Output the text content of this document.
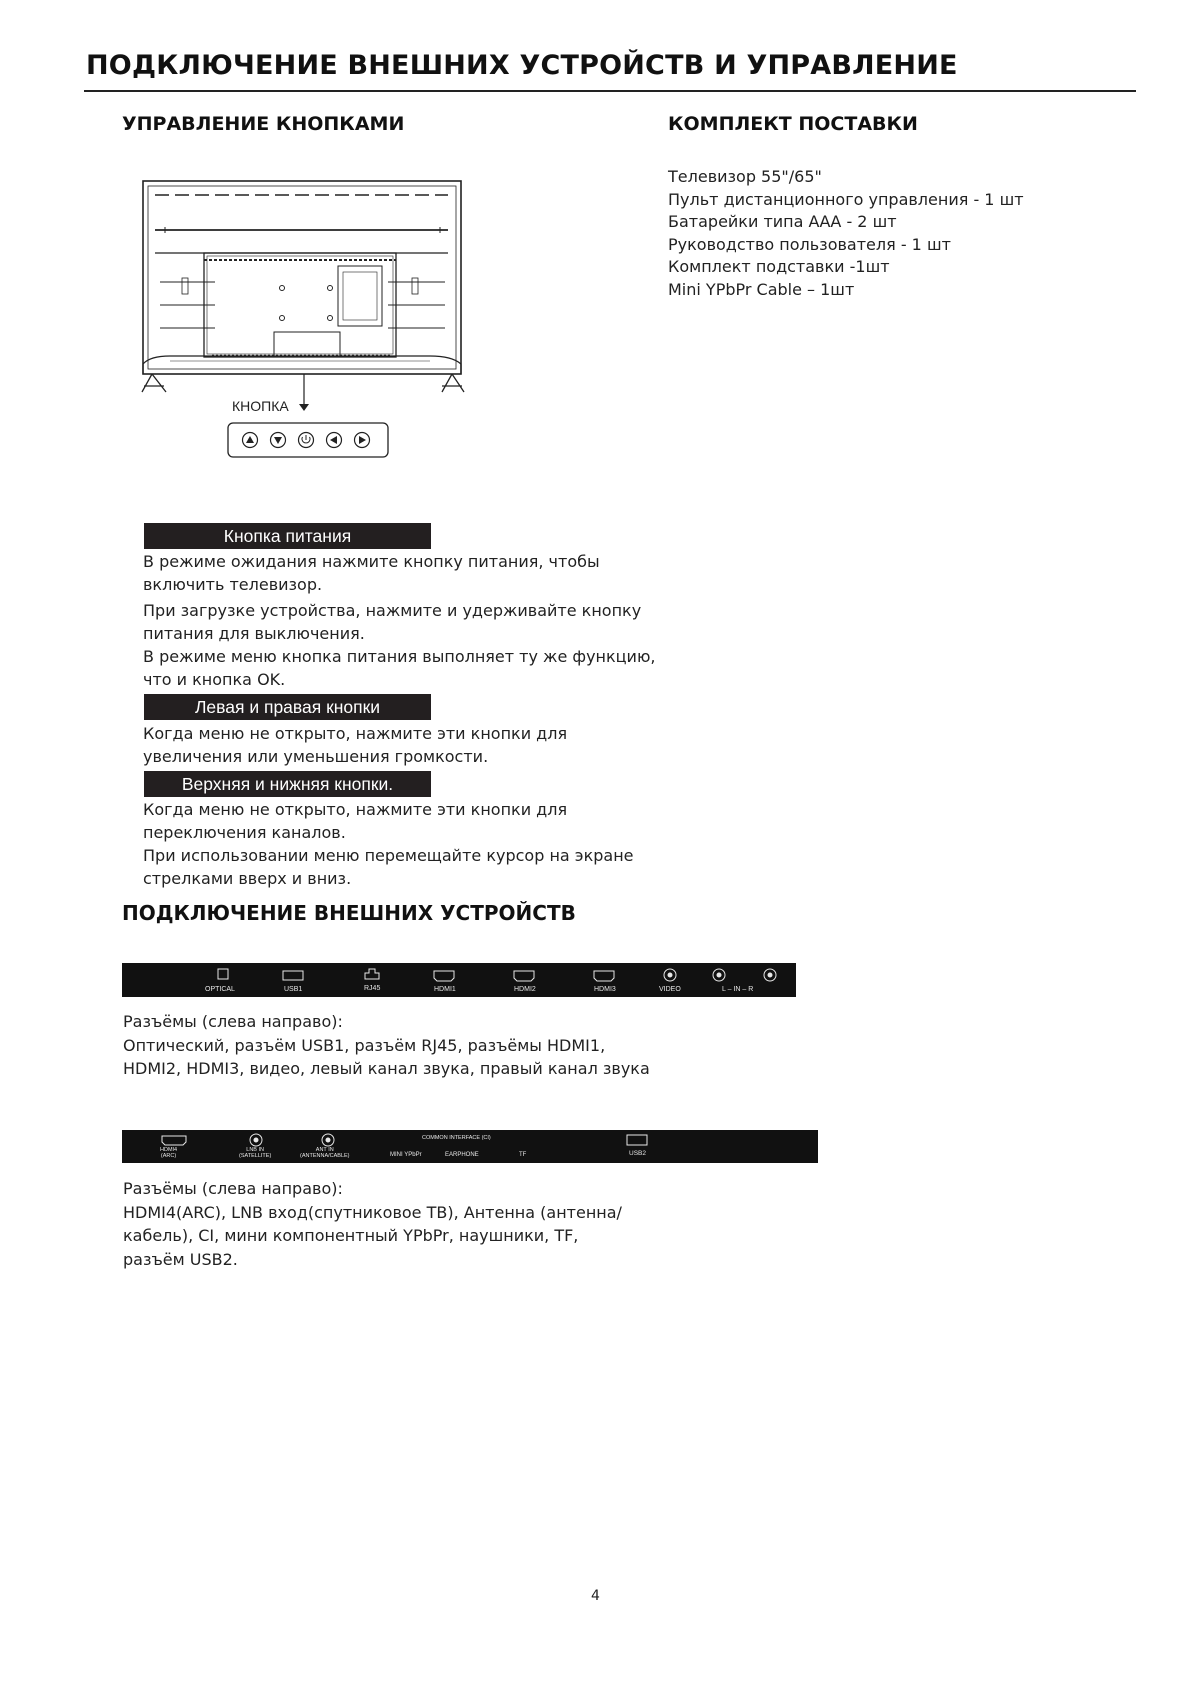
ПОДКЛЮЧЕНИЕ ВНЕШНИХ УСТРОЙСТВ И УПРАВЛЕНИЕ
УПРАВЛЕНИЕ КНОПКАМИ	КОМПЛЕКТ ПОСТАВКИ
Телевизор 55"/65"
Пульт дистанционного управления - 1 шт
Батарейки типа ААА - 2 шт
Руководство пользователя - 1 шт
Комплект подставки -1шт
Mini YPbPr Cable – 1шт
КНОПКА
Кнопка питания
В режиме ожидания нажмите кнопку питания, чтобы
включить телевизор.
При загрузке устройства, нажмите и удерживайте кнопку
питания для выключения.
В режиме меню кнопка питания выполняет ту же функцию,
что и кнопка OK.
Левая и правая кнопки
Когда меню не открыто, нажмите эти кнопки для
увеличения или уменьшения громкости.
Верхняя и нижняя кнопки.
Когда меню не открыто, нажмите эти кнопки для
переключения каналов.
При использовании меню перемещайте курсор на экране
стрелками вверх и вниз.
ПОДКЛЮЧЕНИЕ ВНЕШНИХ УСТРОЙСТВ
OPTICAL	USB1	RJ45	HDMI1	HDMI2	HDMI3	VIDEO	L – IN – R
Разъёмы (слева направо):
Оптический, разъём USB1, разъём RJ45, разъёмы HDMI1,
HDMI2, HDMI3, видео, левый канал звука, правый канал звука
HDMI4
(ARC)
LNB IN
(SATELLITE)
ANT IN
(ANTENNA/CABLE)
COMMON INTERFACE (CI)
MINI YPbPr	EARPHONE	TF	USB2
Разъёмы (слева направо):
HDMI4(ARC), LNB вход(спутниковое ТВ), Антенна (антенна/
кабель), CI, мини компонентный YPbPr, наушники, TF,
разъём USB2.
4
